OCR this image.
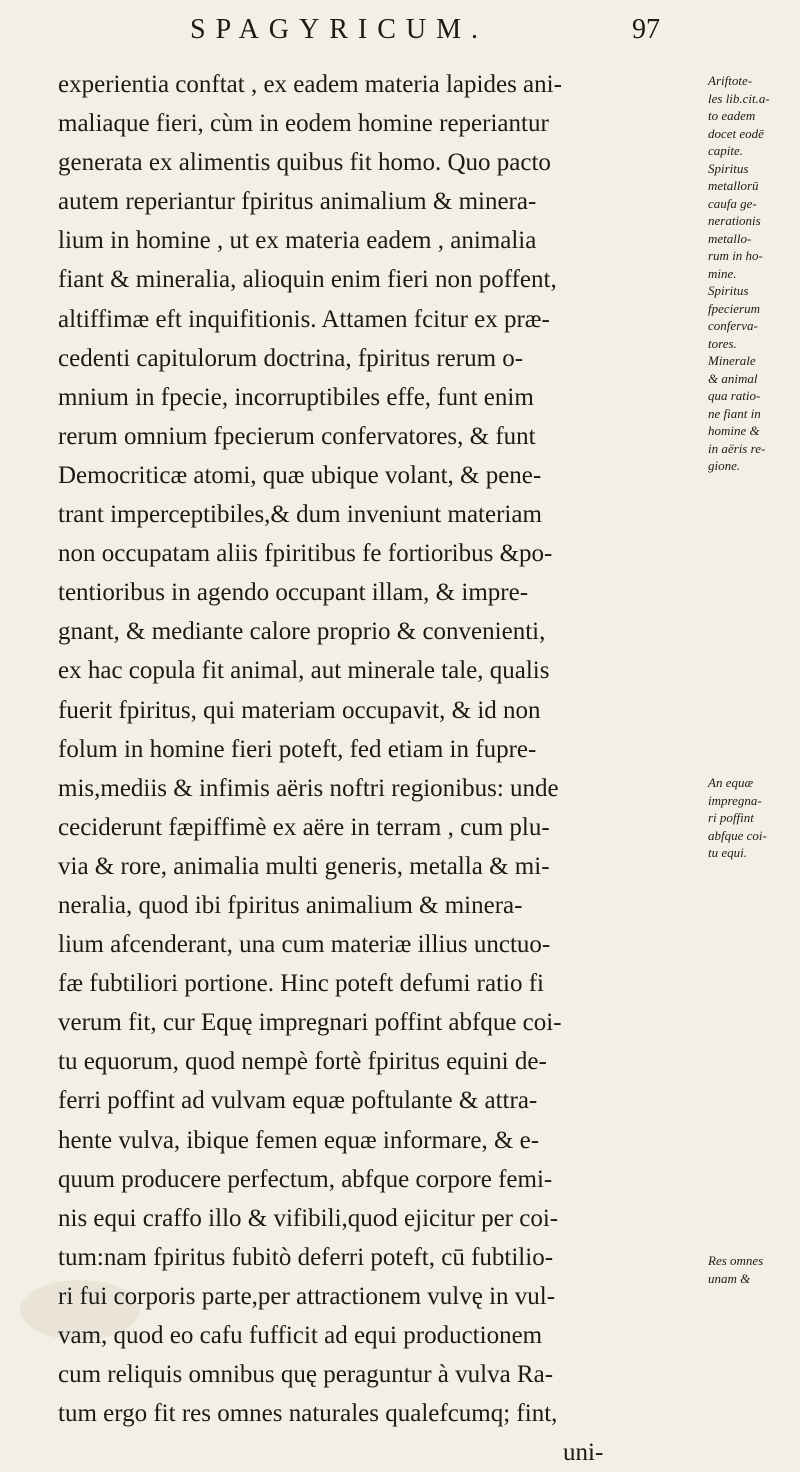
SPAGYRICUM.	97
experientia conftat , ex eadem materia lapides ani-
maliaque fieri, cùm in eodem homine reperiantur
generata ex alimentis quibus fit homo. Quo pacto
autem reperiantur fpiritus animalium & minera-
lium in homine , ut ex materia eadem , animalia
fiant & mineralia, alioquin enim fieri non poffent,
altiffimæ eft inquifitionis. Attamen fcitur ex præ-
cedenti capitulorum doctrina, fpiritus rerum o-
mnium in fpecie, incorruptibiles effe, funt enim
rerum omnium fpecierum confervatores, & funt
Democriticæ atomi, quæ ubique volant, & pene-
trant imperceptibiles,& dum inveniunt materiam
non occupatam aliis fpiritibus fe fortioribus &po-
tentioribus in agendo occupant illam, & impre-
gnant, & mediante calore proprio & convenienti,
ex hac copula fit animal, aut minerale tale, qualis
fuerit fpiritus, qui materiam occupavit, & id non
folum in homine fieri poteft, fed etiam in fupre-
mis,mediis & infimis aëris noftri regionibus: unde
ceciderunt fæpiffimè ex aëre in terram , cum plu-
via & rore, animalia multi generis, metalla & mi-
neralia, quod ibi fpiritus animalium & minera-
lium afcenderant, una cum materiæ illius unctuo-
fæ fubtiliori portione. Hinc poteft defumi ratio fi
verum fit, cur Equę impregnari poffint abfque coi-
tu equorum, quod nempè fortè fpiritus equini de-
ferri poffint ad vulvam equæ poftulante & attra-
hente vulva, ibique femen equæ informare, & e-
quum producere perfectum, abfque corpore femi-
nis equi craffo illo & vifibili,quod ejicitur per coi-
tum:nam fpiritus fubitò deferri poteft, cū fubtilio-
ri fui corporis parte,per attractionem vulvę in vul-
vam, quod eo cafu fufficit ad equi productionem
cum reliquis omnibus quę peraguntur à vulva Ra-
tum ergo fit res omnes naturales qualefcumq; fint,
uni-
Ariftote-
les lib.cit.a-
to eadem
docet eodē
capite.
Spiritus
metallorū
caufa ge-
nerationis
metallo-
rum in ho-
mine.
Spiritus
fpecierum
confervа-
tores.
Minerale
& animal
qua ratio-
ne fiant in
homine &
in aëris re-
gione.
An equæ
impregna-
ri poffint
abfque coi-
tu equi.
Res omnes
unam &
